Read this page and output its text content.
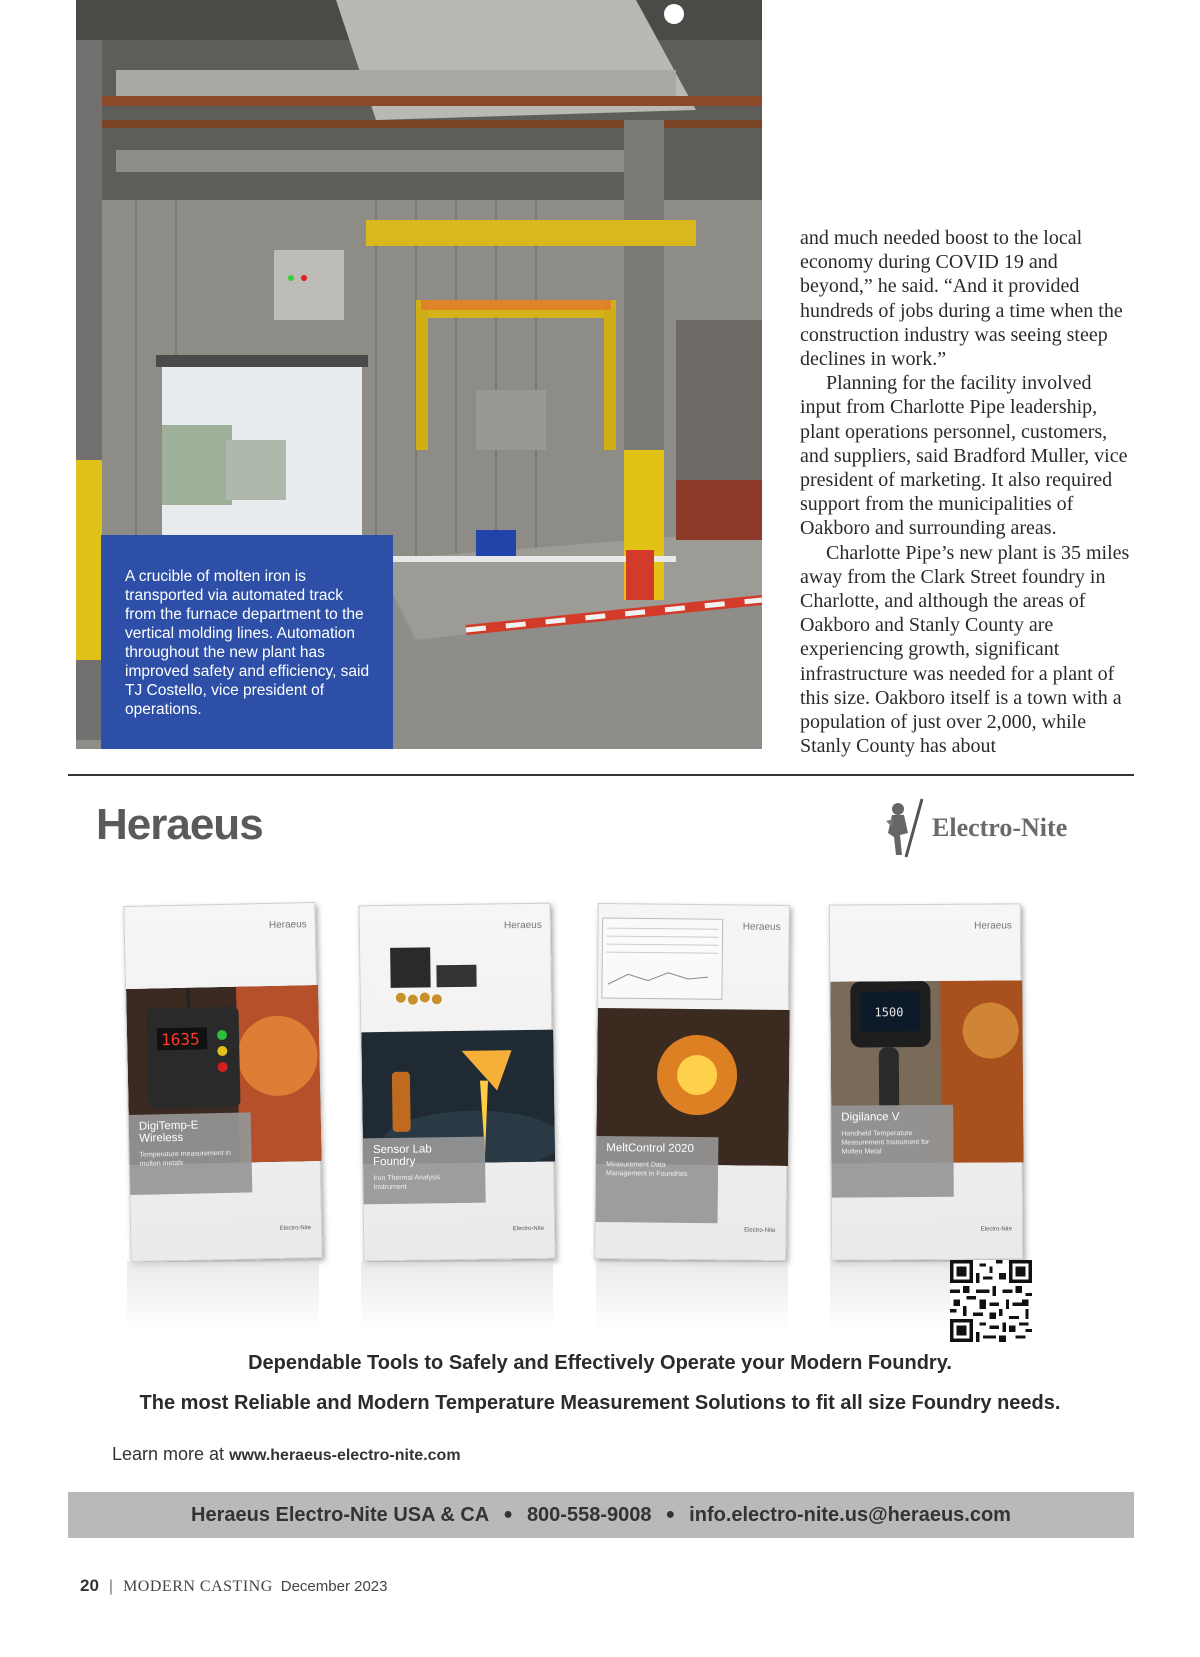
A crucible of molten iron is transported via automated track from the furnace department to the vertical molding lines. Automation throughout the new plant has improved safety and efficiency, said TJ Costello, vice president of operations.

and much needed boost to the local economy during COVID 19 and beyond,” he said. “And it provided hundreds of jobs during a time when the construction industry was seeing steep declines in work.”

Planning for the facility involved input from Charlotte Pipe leadership, plant operations personnel, customers, and suppliers, said Bradford Muller, vice president of marketing. It also required support from the municipalities of Oakboro and surrounding areas.

Charlotte Pipe’s new plant is 35 miles away from the Clark Street foundry in Charlotte, and although the areas of Oakboro and Stanly County are experiencing growth, significant infrastructure was needed for a plant of this size. Oakboro itself is a town with a population of just over 2,000, while Stanly County has about

Heraeus	Electro-Nite
Heraeus
1635
DigiTemp-E Wireless
Temperature measurement in molten metals
Electro-Nite
Heraeus
Sensor Lab Foundry
Iron Thermal Analysis Instrument
Electro-Nite
Heraeus
MeltControl 2020
Measurement Data Management in Foundries
Electro-Nite
Heraeus
1500
Digilance V
Handheld Temperature Measurement Instrument for Molten Metal
Electro-Nite
Dependable Tools to Safely and Effectively Operate your Modern Foundry.
The most Reliable and Modern Temperature Measurement Solutions to fit all size Foundry needs.
Learn more at www.heraeus-electro-nite.com
Heraeus Electro-Nite USA & CA ● 800-558-9008 ● info.electro-nite.us@heraeus.com
20 | MODERN CASTING December 2023
